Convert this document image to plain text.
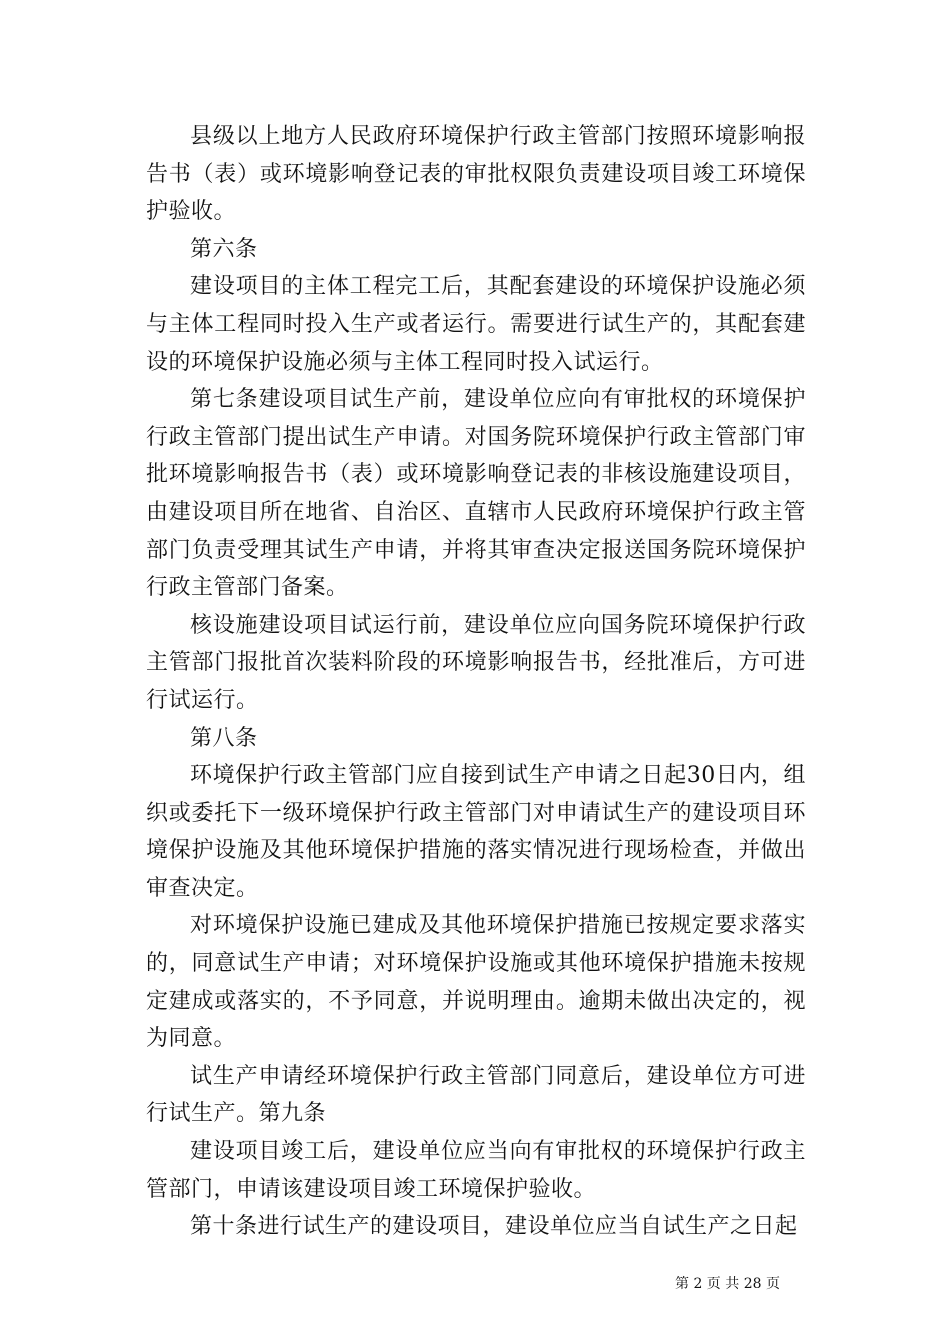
县级以上地方人民政府环境保护行政主管部门按照环境影响报告书（表）或环境影响登记表的审批权限负责建设项目竣工环境保护验收。

第六条

建设项目的主体工程完工后，其配套建设的环境保护设施必须与主体工程同时投入生产或者运行。需要进行试生产的，其配套建设的环境保护设施必须与主体工程同时投入试运行。

第七条建设项目试生产前，建设单位应向有审批权的环境保护行政主管部门提出试生产申请。对国务院环境保护行政主管部门审批环境影响报告书（表）或环境影响登记表的非核设施建设项目，由建设项目所在地省、自治区、直辖市人民政府环境保护行政主管部门负责受理其试生产申请，并将其审查决定报送国务院环境保护行政主管部门备案。

核设施建设项目试运行前，建设单位应向国务院环境保护行政主管部门报批首次装料阶段的环境影响报告书，经批准后，方可进行试运行。

第八条

环境保护行政主管部门应自接到试生产申请之日起30日内，组织或委托下一级环境保护行政主管部门对申请试生产的建设项目环境保护设施及其他环境保护措施的落实情况进行现场检查，并做出审查决定。

对环境保护设施已建成及其他环境保护措施已按规定要求落实的，同意试生产申请；对环境保护设施或其他环境保护措施未按规定建成或落实的，不予同意，并说明理由。逾期未做出决定的，视为同意。

试生产申请经环境保护行政主管部门同意后，建设单位方可进行试生产。第九条

建设项目竣工后，建设单位应当向有审批权的环境保护行政主管部门，申请该建设项目竣工环境保护验收。

第十条进行试生产的建设项目，建设单位应当自试生产之日起

第 2 页 共 28 页
